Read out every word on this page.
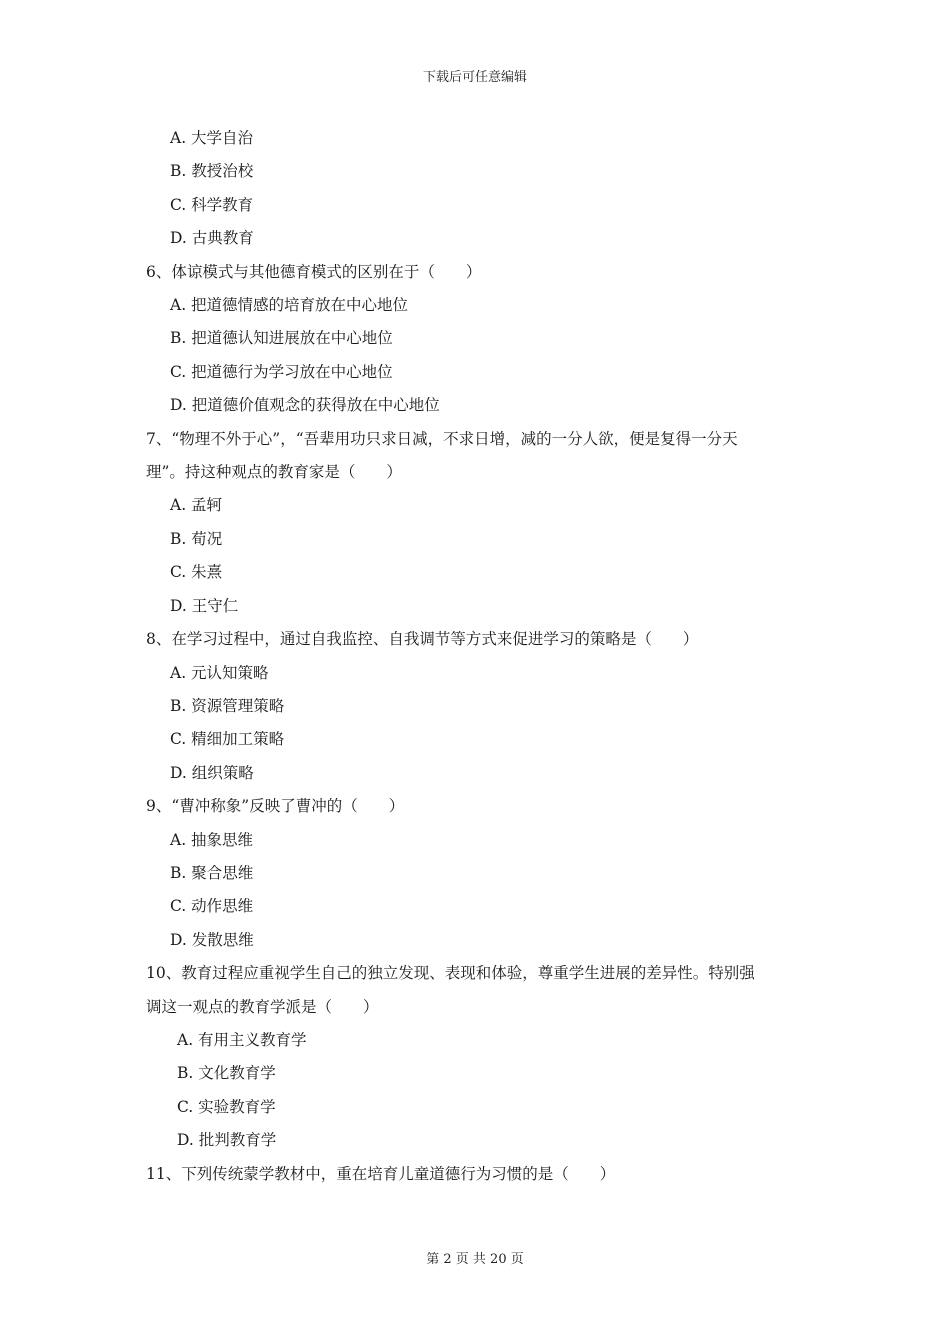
下载后可任意编辑
A. 大学自治
B. 教授治校
C. 科学教育
D. 古典教育
6、体谅模式与其他德育模式的区别在于（　　）
A. 把道德情感的培育放在中心地位
B. 把道德认知进展放在中心地位
C. 把道德行为学习放在中心地位
D. 把道德价值观念的获得放在中心地位
7、“物理不外于心”，“吾辈用功只求日减，不求日增，减的一分人欲，便是复得一分天
理”。持这种观点的教育家是（　　）
A. 孟轲
B. 荀况
C. 朱熹
D. 王守仁
8、在学习过程中，通过自我监控、自我调节等方式来促进学习的策略是（　　）
A. 元认知策略
B. 资源管理策略
C. 精细加工策略
D. 组织策略
9、“曹冲称象”反映了曹冲的（　　）
A. 抽象思维
B. 聚合思维
C. 动作思维
D. 发散思维
10、教育过程应重视学生自己的独立发现、表现和体验，尊重学生进展的差异性。特别强
调这一观点的教育学派是（　　）
A. 有用主义教育学
B. 文化教育学
C. 实验教育学
D. 批判教育学
11、下列传统蒙学教材中，重在培育儿童道德行为习惯的是（　　）
第 2 页 共 20 页
